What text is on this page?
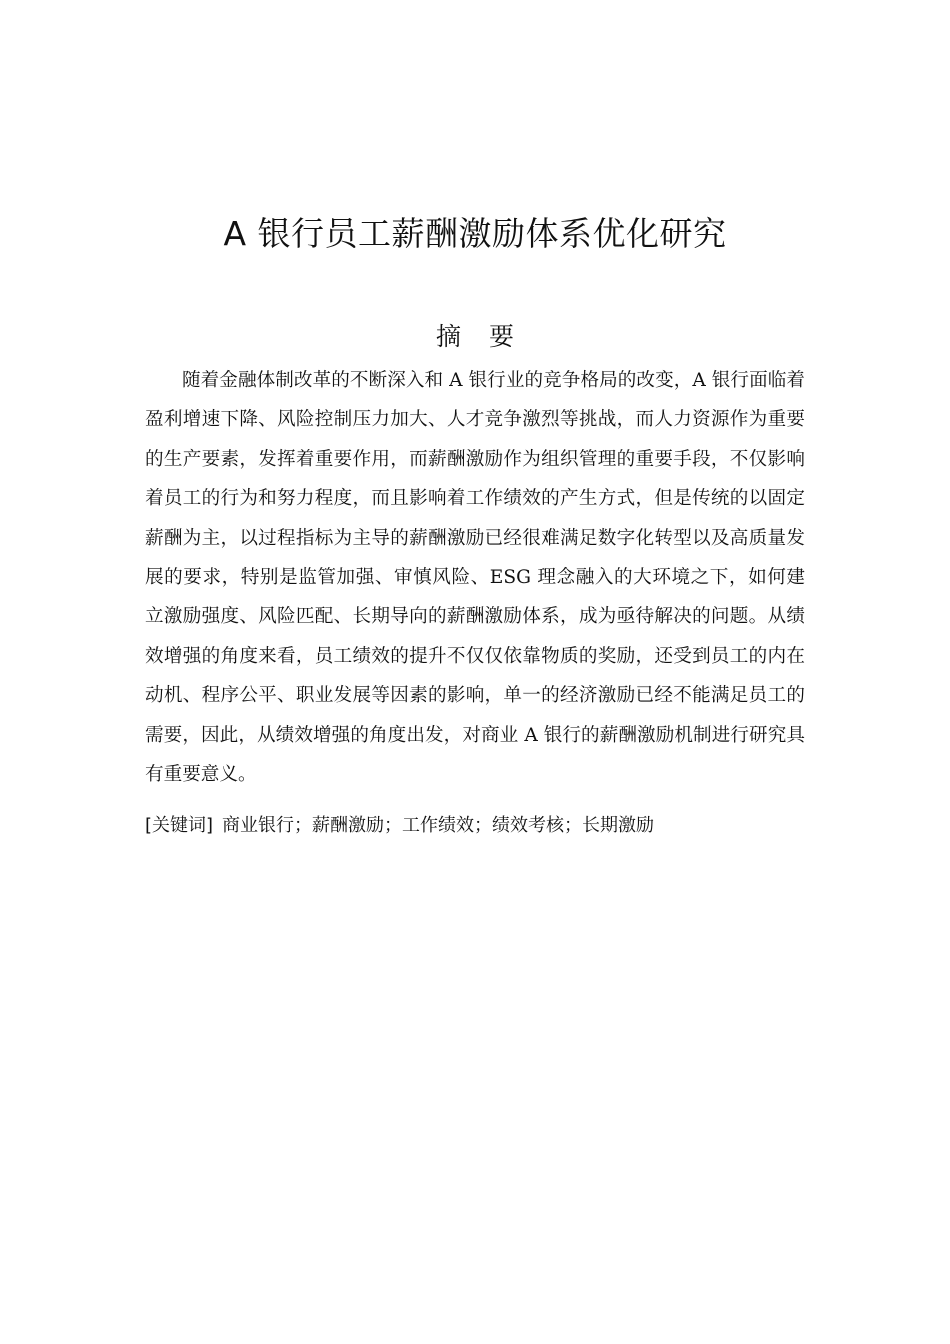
A 银行员工薪酬激励体系优化研究
摘要

随着金融体制改革的不断深入和 A 银行业的竞争格局的改变，A 银行面临着盈利增速下降、风险控制压力加大、人才竞争激烈等挑战，而人力资源作为重要的生产要素，发挥着重要作用，而薪酬激励作为组织管理的重要手段，不仅影响着员工的行为和努力程度，而且影响着工作绩效的产生方式，但是传统的以固定薪酬为主，以过程指标为主导的薪酬激励已经很难满足数字化转型以及高质量发展的要求，特别是监管加强、审慎风险、ESG 理念融入的大环境之下，如何建立激励强度、风险匹配、长期导向的薪酬激励体系，成为亟待解决的问题。从绩效增强的角度来看，员工绩效的提升不仅仅依靠物质的奖励，还受到员工的内在动机、程序公平、职业发展等因素的影响，单一的经济激励已经不能满足员工的需要，因此，从绩效增强的角度出发，对商业 A 银行的薪酬激励机制进行研究具有重要意义。

[关键词] 商业银行；薪酬激励；工作绩效；绩效考核；长期激励
